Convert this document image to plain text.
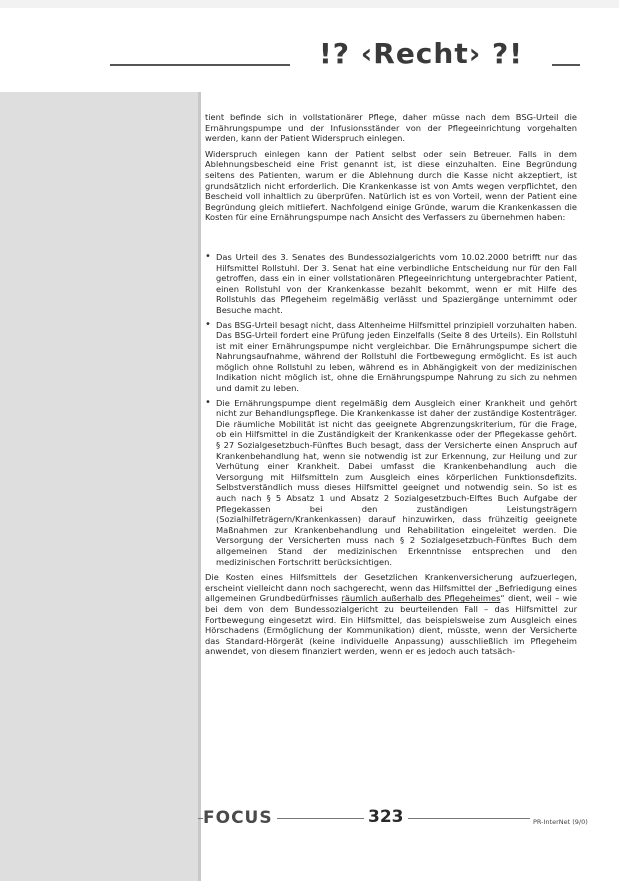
!? ‹Recht› ?!

tient befinde sich in vollstationärer Pflege, daher müsse nach dem BSG-Urteil die Ernährungspumpe und der Infusionsständer von der Pflegeeinrichtung vorgehalten werden, kann der Patient Widerspruch einlegen.

Widerspruch einlegen kann der Patient selbst oder sein Betreuer. Falls in dem Ablehnungsbescheid eine Frist genannt ist, ist diese einzuhalten. Eine Begründung seitens des Patienten, warum er die Ablehnung durch die Kasse nicht akzeptiert, ist grundsätzlich nicht erforderlich. Die Krankenkasse ist von Amts wegen verpflichtet, den Bescheid voll inhaltlich zu überprüfen. Natürlich ist es von Vorteil, wenn der Patient eine Begründung gleich mitliefert. Nachfolgend einige Gründe, warum die Krankenkassen die Kosten für eine Ernährungspumpe nach Ansicht des Verfassers zu übernehmen haben:

• Das Urteil des 3. Senates des Bundessozialgerichts vom 10.02.2000 betrifft nur das Hilfsmittel Rollstuhl. Der 3. Senat hat eine verbindliche Entscheidung nur für den Fall getroffen, dass ein in einer vollstationären Pflegeeinrichtung untergebrachter Patient, einen Rollstuhl von der Krankenkasse bezahlt bekommt, wenn er mit Hilfe des Rollstuhls das Pflegeheim regelmäßig verlässt und Spaziergänge unternimmt oder Besuche macht.
• Das BSG-Urteil besagt nicht, dass Altenheime Hilfsmittel prinzipiell vorzuhalten haben. Das BSG-Urteil fordert eine Prüfung jeden Einzelfalls (Seite 8 des Urteils). Ein Rollstuhl ist mit einer Ernährungspumpe nicht vergleichbar. Die Ernährungspumpe sichert die Nahrungsaufnahme, während der Rollstuhl die Fortbewegung ermöglicht. Es ist auch möglich ohne Rollstuhl zu leben, während es in Abhängigkeit von der medizinischen Indikation nicht möglich ist, ohne die Ernährungspumpe Nahrung zu sich zu nehmen und damit zu leben.
• Die Ernährungspumpe dient regelmäßig dem Ausgleich einer Krankheit und gehört nicht zur Behandlungspflege. Die Krankenkasse ist daher der zuständige Kostenträger. Die räumliche Mobilität ist nicht das geeignete Abgrenzungskriterium, für die Frage, ob ein Hilfsmittel in die Zuständigkeit der Krankenkasse oder der Pflegekasse gehört. § 27 Sozialgesetzbuch-Fünftes Buch besagt, dass der Versicherte einen Anspruch auf Krankenbehandlung hat, wenn sie notwendig ist zur Erkennung, zur Heilung und zur Verhütung einer Krankheit. Dabei umfasst die Krankenbehandlung auch die Versorgung mit Hilfsmitteln zum Ausgleich eines körperlichen Funktionsdefizits. Selbstverständlich muss dieses Hilfsmittel geeignet und notwendig sein. So ist es auch nach § 5 Absatz 1 und Absatz 2 Sozialgesetzbuch-Elftes Buch Aufgabe der Pflegekassen bei den zuständigen Leistungsträgern (Sozialhilfeträgern/Krankenkassen) darauf hinzuwirken, dass frühzeitig geeignete Maßnahmen zur Krankenbehandlung und Rehabilitation eingeleitet werden. Die Versorgung der Versicherten muss nach § 2 Sozialgesetzbuch-Fünftes Buch dem allgemeinen Stand der medizinischen Erkenntnisse entsprechen und den medizinischen Fortschritt berücksichtigen.

Die Kosten eines Hilfsmittels der Gesetzlichen Krankenversicherung aufzuerlegen, erscheint vielleicht dann noch sachgerecht, wenn das Hilfsmittel der „Befriedigung eines allgemeinen Grundbedürfnisses räumlich außerhalb des Pflegeheimes“ dient, weil – wie bei dem von dem Bundessozialgericht zu beurteilenden Fall – das Hilfsmittel zur Fortbewegung eingesetzt wird. Ein Hilfsmittel, das beispielsweise zum Ausgleich eines Hörschadens (Ermöglichung der Kommunikation) dient, müsste, wenn der Versicherte das Standard-Hörgerät (keine individuelle Anpassung) ausschließlich im Pflegeheim anwendet, von diesem finanziert werden, wenn er es jedoch auch tatsäch-

FOCUS	323	PR-InterNet (9/0)
